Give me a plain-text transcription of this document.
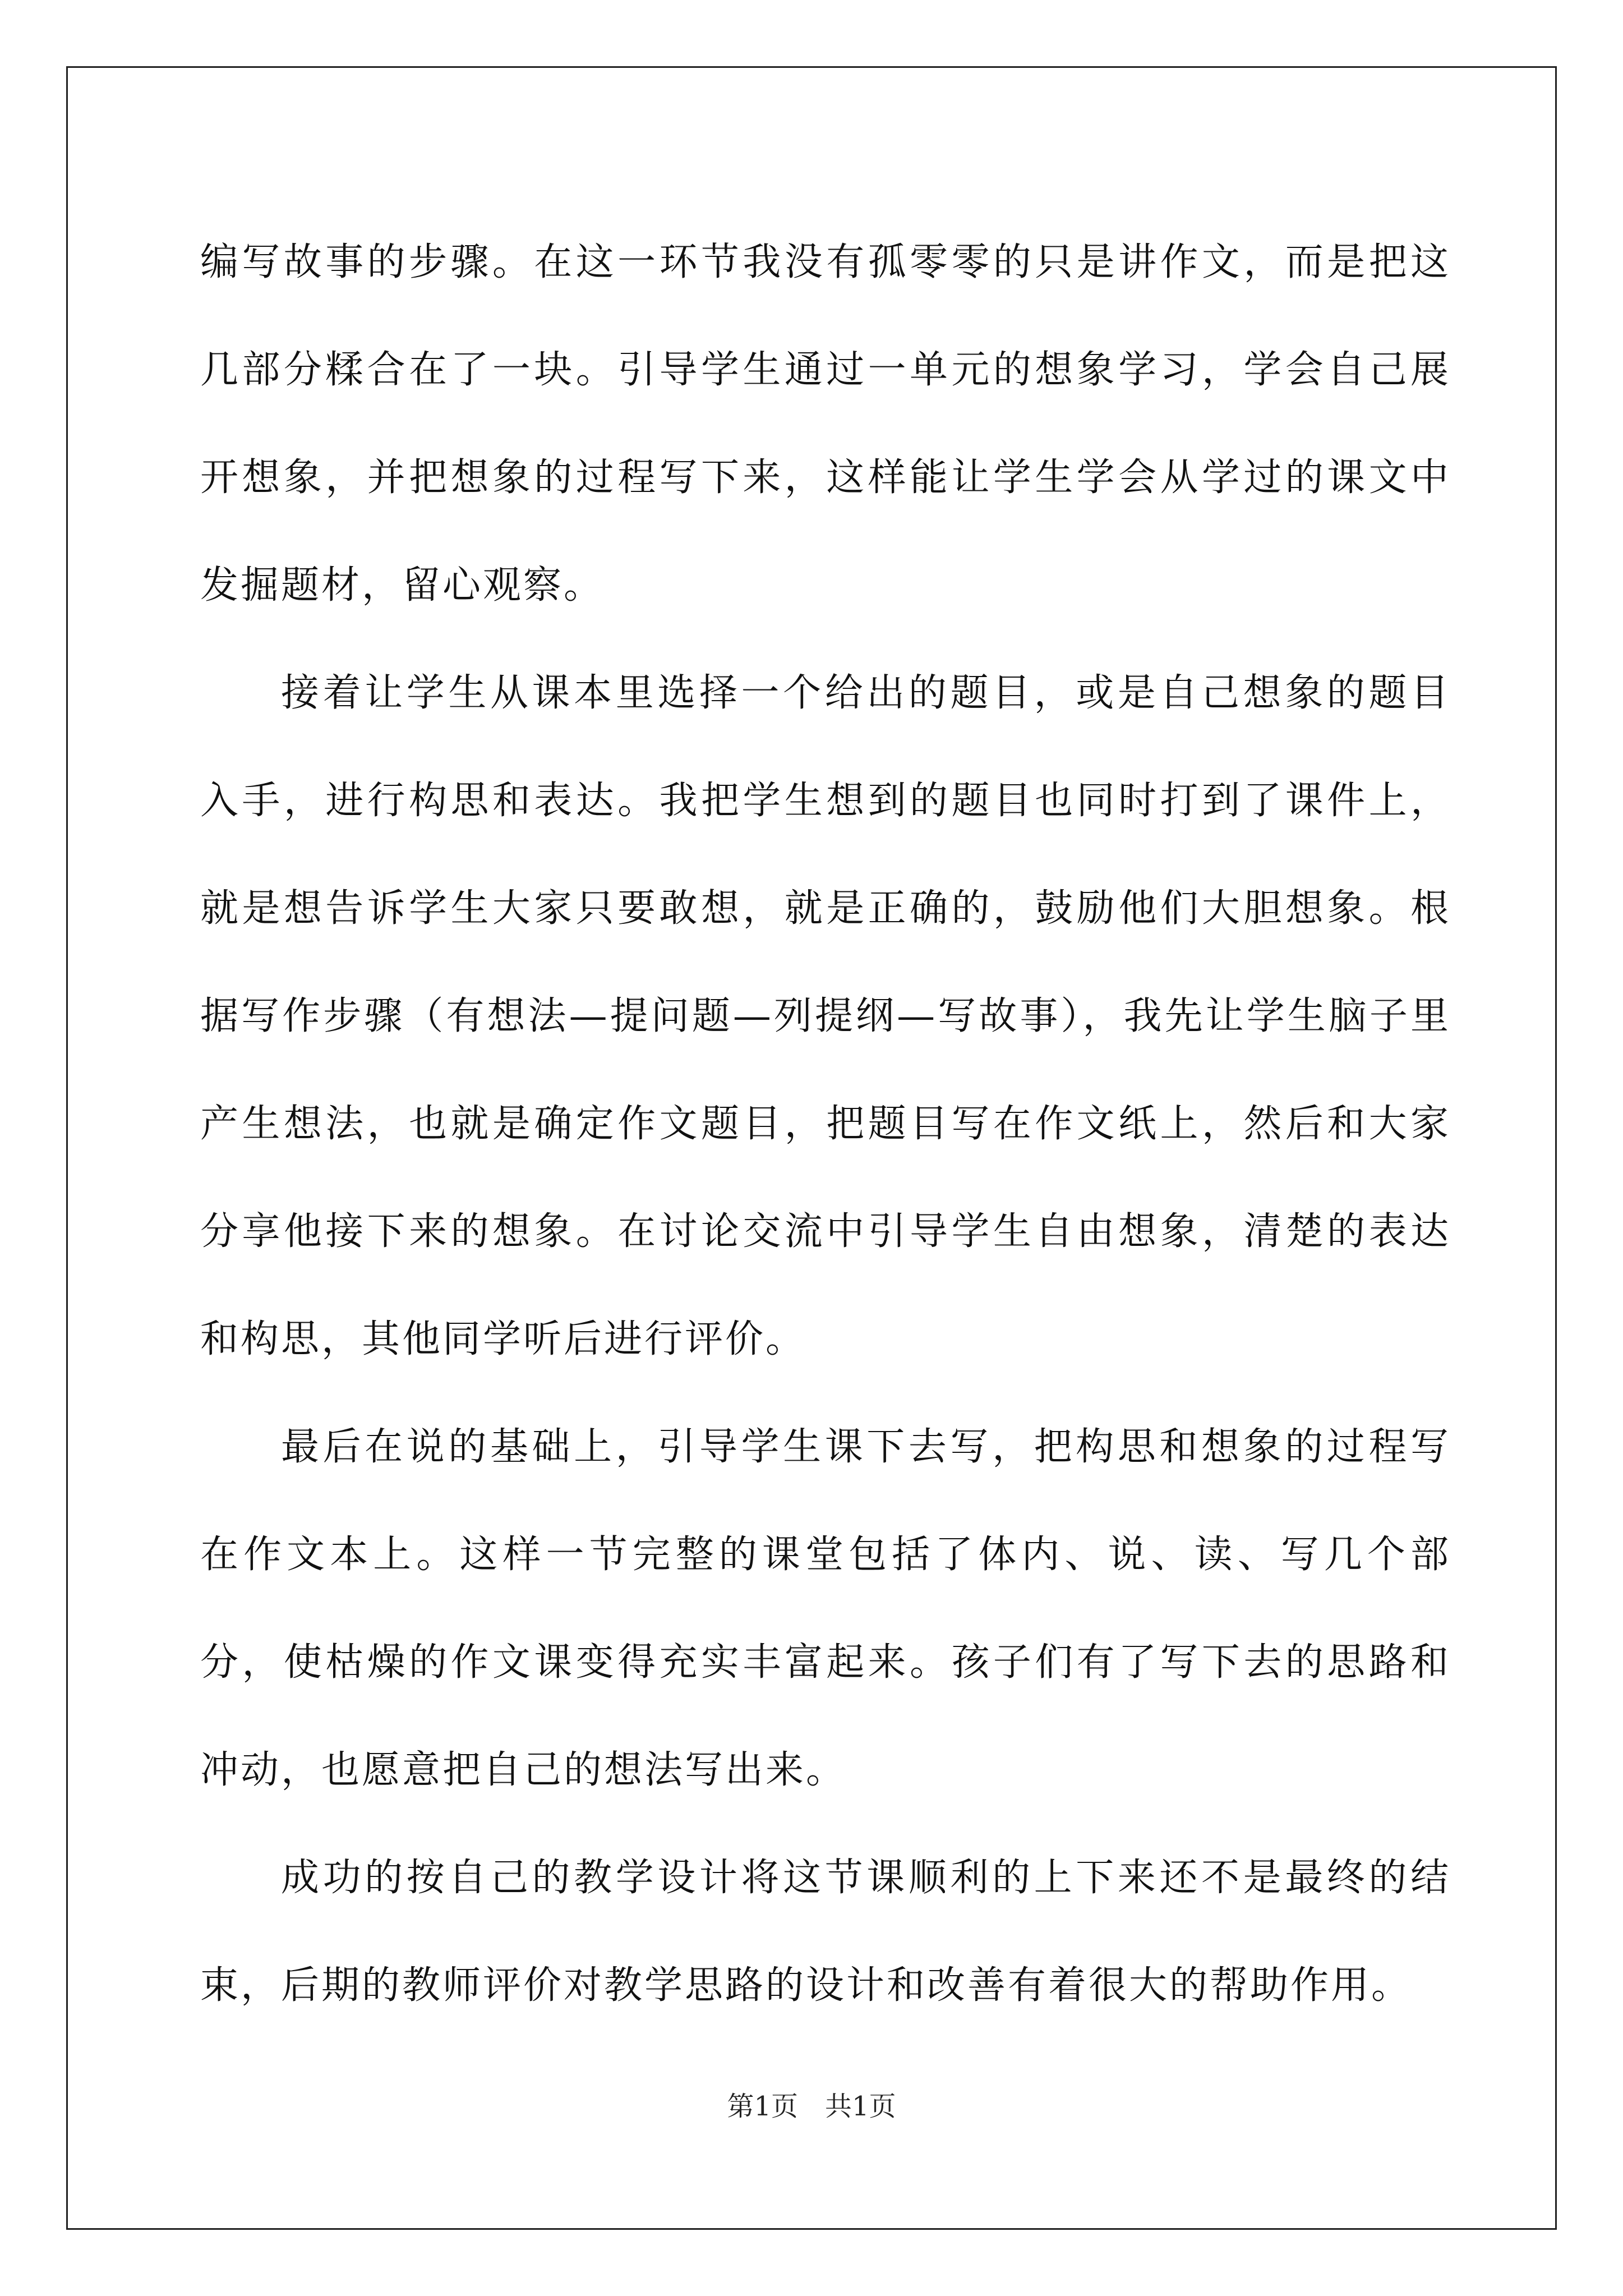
编写故事的步骤。在这一环节我没有孤零零的只是讲作文，而是把这几部分糅合在了一块。引导学生通过一单元的想象学习，学会自己展开想象，并把想象的过程写下来，这样能让学生学会从学过的课文中发掘题材，留心观察。

接着让学生从课本里选择一个给出的题目，或是自己想象的题目入手，进行构思和表达。我把学生想到的题目也同时打到了课件上，就是想告诉学生大家只要敢想，就是正确的，鼓励他们大胆想象。根据写作步骤（有想法—提问题—列提纲—写故事），我先让学生脑子里产生想法，也就是确定作文题目，把题目写在作文纸上，然后和大家分享他接下来的想象。在讨论交流中引导学生自由想象，清楚的表达和构思，其他同学听后进行评价。

最后在说的基础上，引导学生课下去写，把构思和想象的过程写在作文本上。这样一节完整的课堂包括了体内、说、读、写几个部分，使枯燥的作文课变得充实丰富起来。孩子们有了写下去的思路和冲动，也愿意把自己的想法写出来。

成功的按自己的教学设计将这节课顺利的上下来还不是最终的结束，后期的教师评价对教学思路的设计和改善有着很大的帮助作用。

第1页 共1页
